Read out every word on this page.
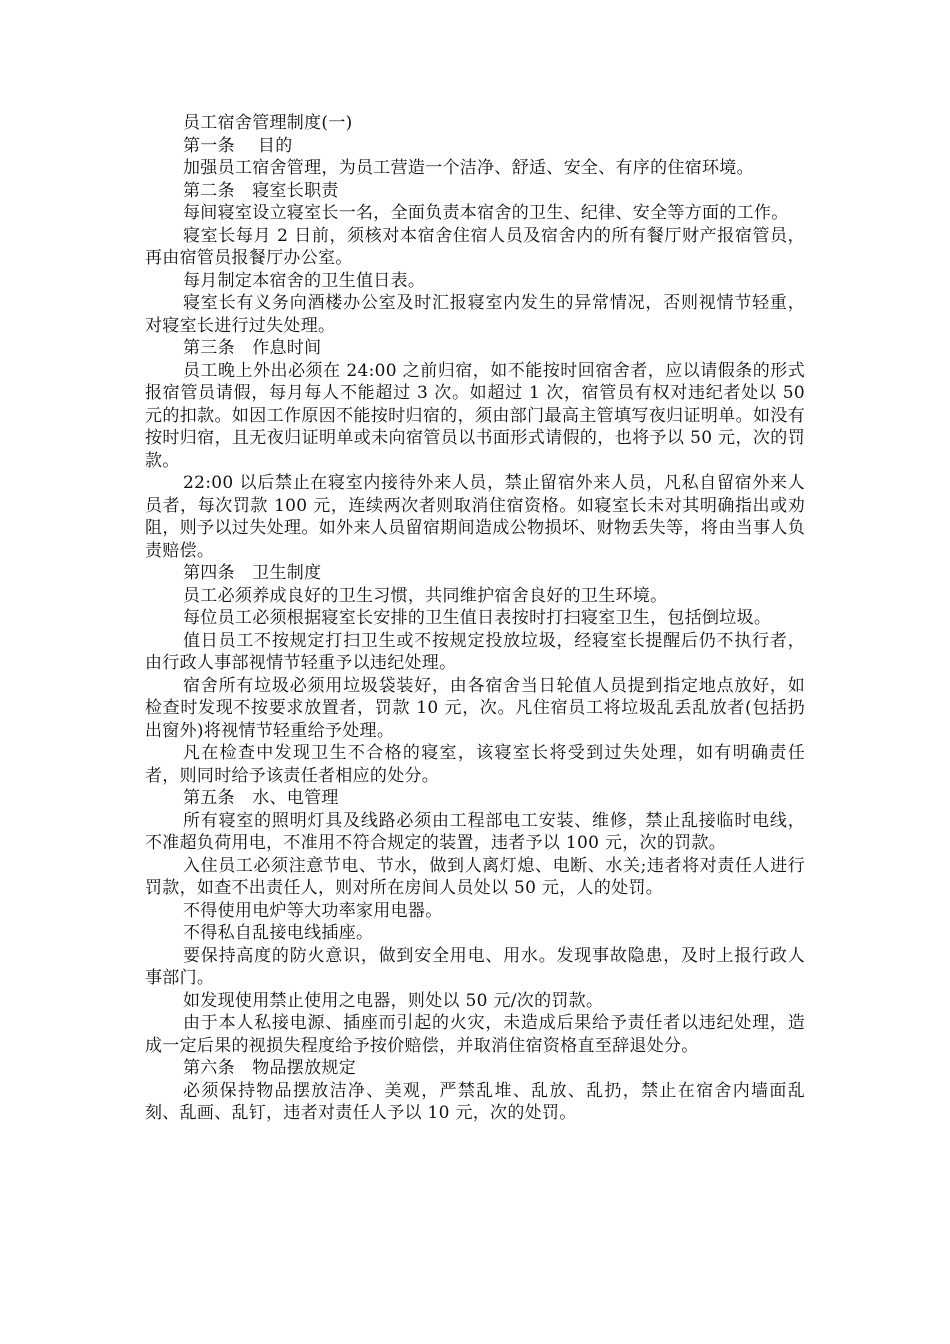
员工宿舍管理制度(一)

第一条　 目的

加强员工宿舍管理，为员工营造一个洁净、舒适、安全、有序的住宿环境。

第二条　寝室长职责

每间寝室设立寝室长一名，全面负责本宿舍的卫生、纪律、安全等方面的工作。

寝室长每月 2 日前，须核对本宿舍住宿人员及宿舍内的所有餐厅财产报宿管员，再由宿管员报餐厅办公室。

每月制定本宿舍的卫生值日表。

寝室长有义务向酒楼办公室及时汇报寝室内发生的异常情况，否则视情节轻重，对寝室长进行过失处理。

第三条　作息时间

员工晚上外出必须在 24:00 之前归宿，如不能按时回宿舍者，应以请假条的形式报宿管员请假，每月每人不能超过 3 次。如超过 1 次，宿管员有权对违纪者处以 50 元的扣款。如因工作原因不能按时归宿的，须由部门最高主管填写夜归证明单。如没有按时归宿，且无夜归证明单或未向宿管员以书面形式请假的，也将予以 50 元，次的罚款。

22:00 以后禁止在寝室内接待外来人员，禁止留宿外来人员，凡私自留宿外来人员者，每次罚款 100 元，连续两次者则取消住宿资格。如寝室长未对其明确指出或劝阻，则予以过失处理。如外来人员留宿期间造成公物损坏、财物丢失等，将由当事人负责赔偿。

第四条　卫生制度

员工必须养成良好的卫生习惯，共同维护宿舍良好的卫生环境。

每位员工必须根据寝室长安排的卫生值日表按时打扫寝室卫生，包括倒垃圾。

值日员工不按规定打扫卫生或不按规定投放垃圾，经寝室长提醒后仍不执行者，由行政人事部视情节轻重予以违纪处理。

宿舍所有垃圾必须用垃圾袋装好，由各宿舍当日轮值人员提到指定地点放好，如检查时发现不按要求放置者，罚款 10 元，次。凡住宿员工将垃圾乱丢乱放者(包括扔出窗外)将视情节轻重给予处理。

凡在检查中发现卫生不合格的寝室，该寝室长将受到过失处理，如有明确责任者，则同时给予该责任者相应的处分。

第五条　水、电管理

所有寝室的照明灯具及线路必须由工程部电工安装、维修，禁止乱接临时电线，不准超负荷用电，不准用不符合规定的装置，违者予以 100 元，次的罚款。

入住员工必须注意节电、节水，做到人离灯熄、电断、水关;违者将对责任人进行罚款，如查不出责任人，则对所在房间人员处以 50 元，人的处罚。

不得使用电炉等大功率家用电器。

不得私自乱接电线插座。

要保持高度的防火意识，做到安全用电、用水。发现事故隐患，及时上报行政人事部门。

如发现使用禁止使用之电器，则处以 50 元/次的罚款。

由于本人私接电源、插座而引起的火灾，未造成后果给予责任者以违纪处理，造成一定后果的视损失程度给予按价赔偿，并取消住宿资格直至辞退处分。

第六条　物品摆放规定

必须保持物品摆放洁净、美观，严禁乱堆、乱放、乱扔，禁止在宿舍内墙面乱刻、乱画、乱钉，违者对责任人予以 10 元，次的处罚。
